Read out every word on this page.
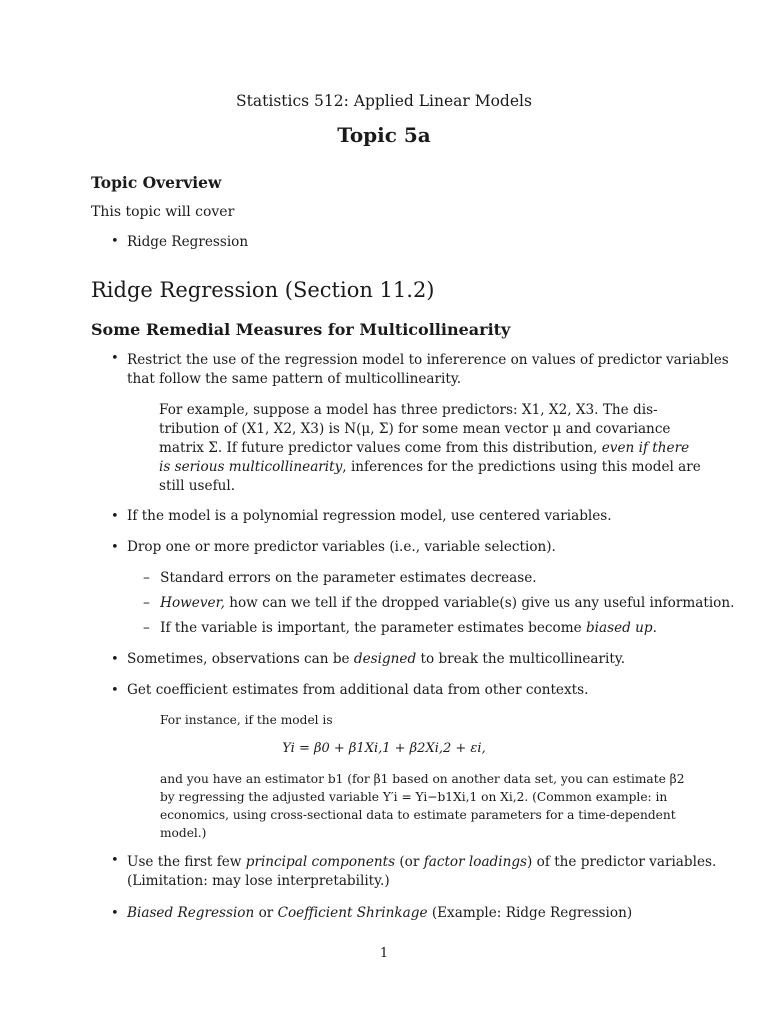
Statistics 512: Applied Linear Models
Topic 5a
Topic Overview
This topic will cover
• Ridge Regression
Ridge Regression (Section 11.2)
Some Remedial Measures for Multicollinearity
• Restrict the use of the regression model to infererence on values of predictor variables
that follow the same pattern of multicollinearity.
For example, suppose a model has three predictors: X1, X2, X3. The dis-
tribution of (X1, X2, X3) is N(μ, Σ) for some mean vector μ and covariance
matrix Σ. If future predictor values come from this distribution, even if there
is serious multicollinearity, inferences for the predictions using this model are
still useful.
• If the model is a polynomial regression model, use centered variables.
• Drop one or more predictor variables (i.e., variable selection).
– Standard errors on the parameter estimates decrease.
– However, how can we tell if the dropped variable(s) give us any useful information.
– If the variable is important, the parameter estimates become biased up.
• Sometimes, observations can be designed to break the multicollinearity.
• Get coefficient estimates from additional data from other contexts.
For instance, if the model is
Yi = β0 + β1Xi,1 + β2Xi,2 + εi,
and you have an estimator b1 (for β1 based on another data set, you can estimate β2
by regressing the adjusted variable Y′i = Yi−b1Xi,1 on Xi,2. (Common example: in
economics, using cross-sectional data to estimate parameters for a time-dependent
model.)
• Use the first few principal components (or factor loadings) of the predictor variables.
(Limitation: may lose interpretability.)
• Biased Regression or Coefficient Shrinkage (Example: Ridge Regression)
1
